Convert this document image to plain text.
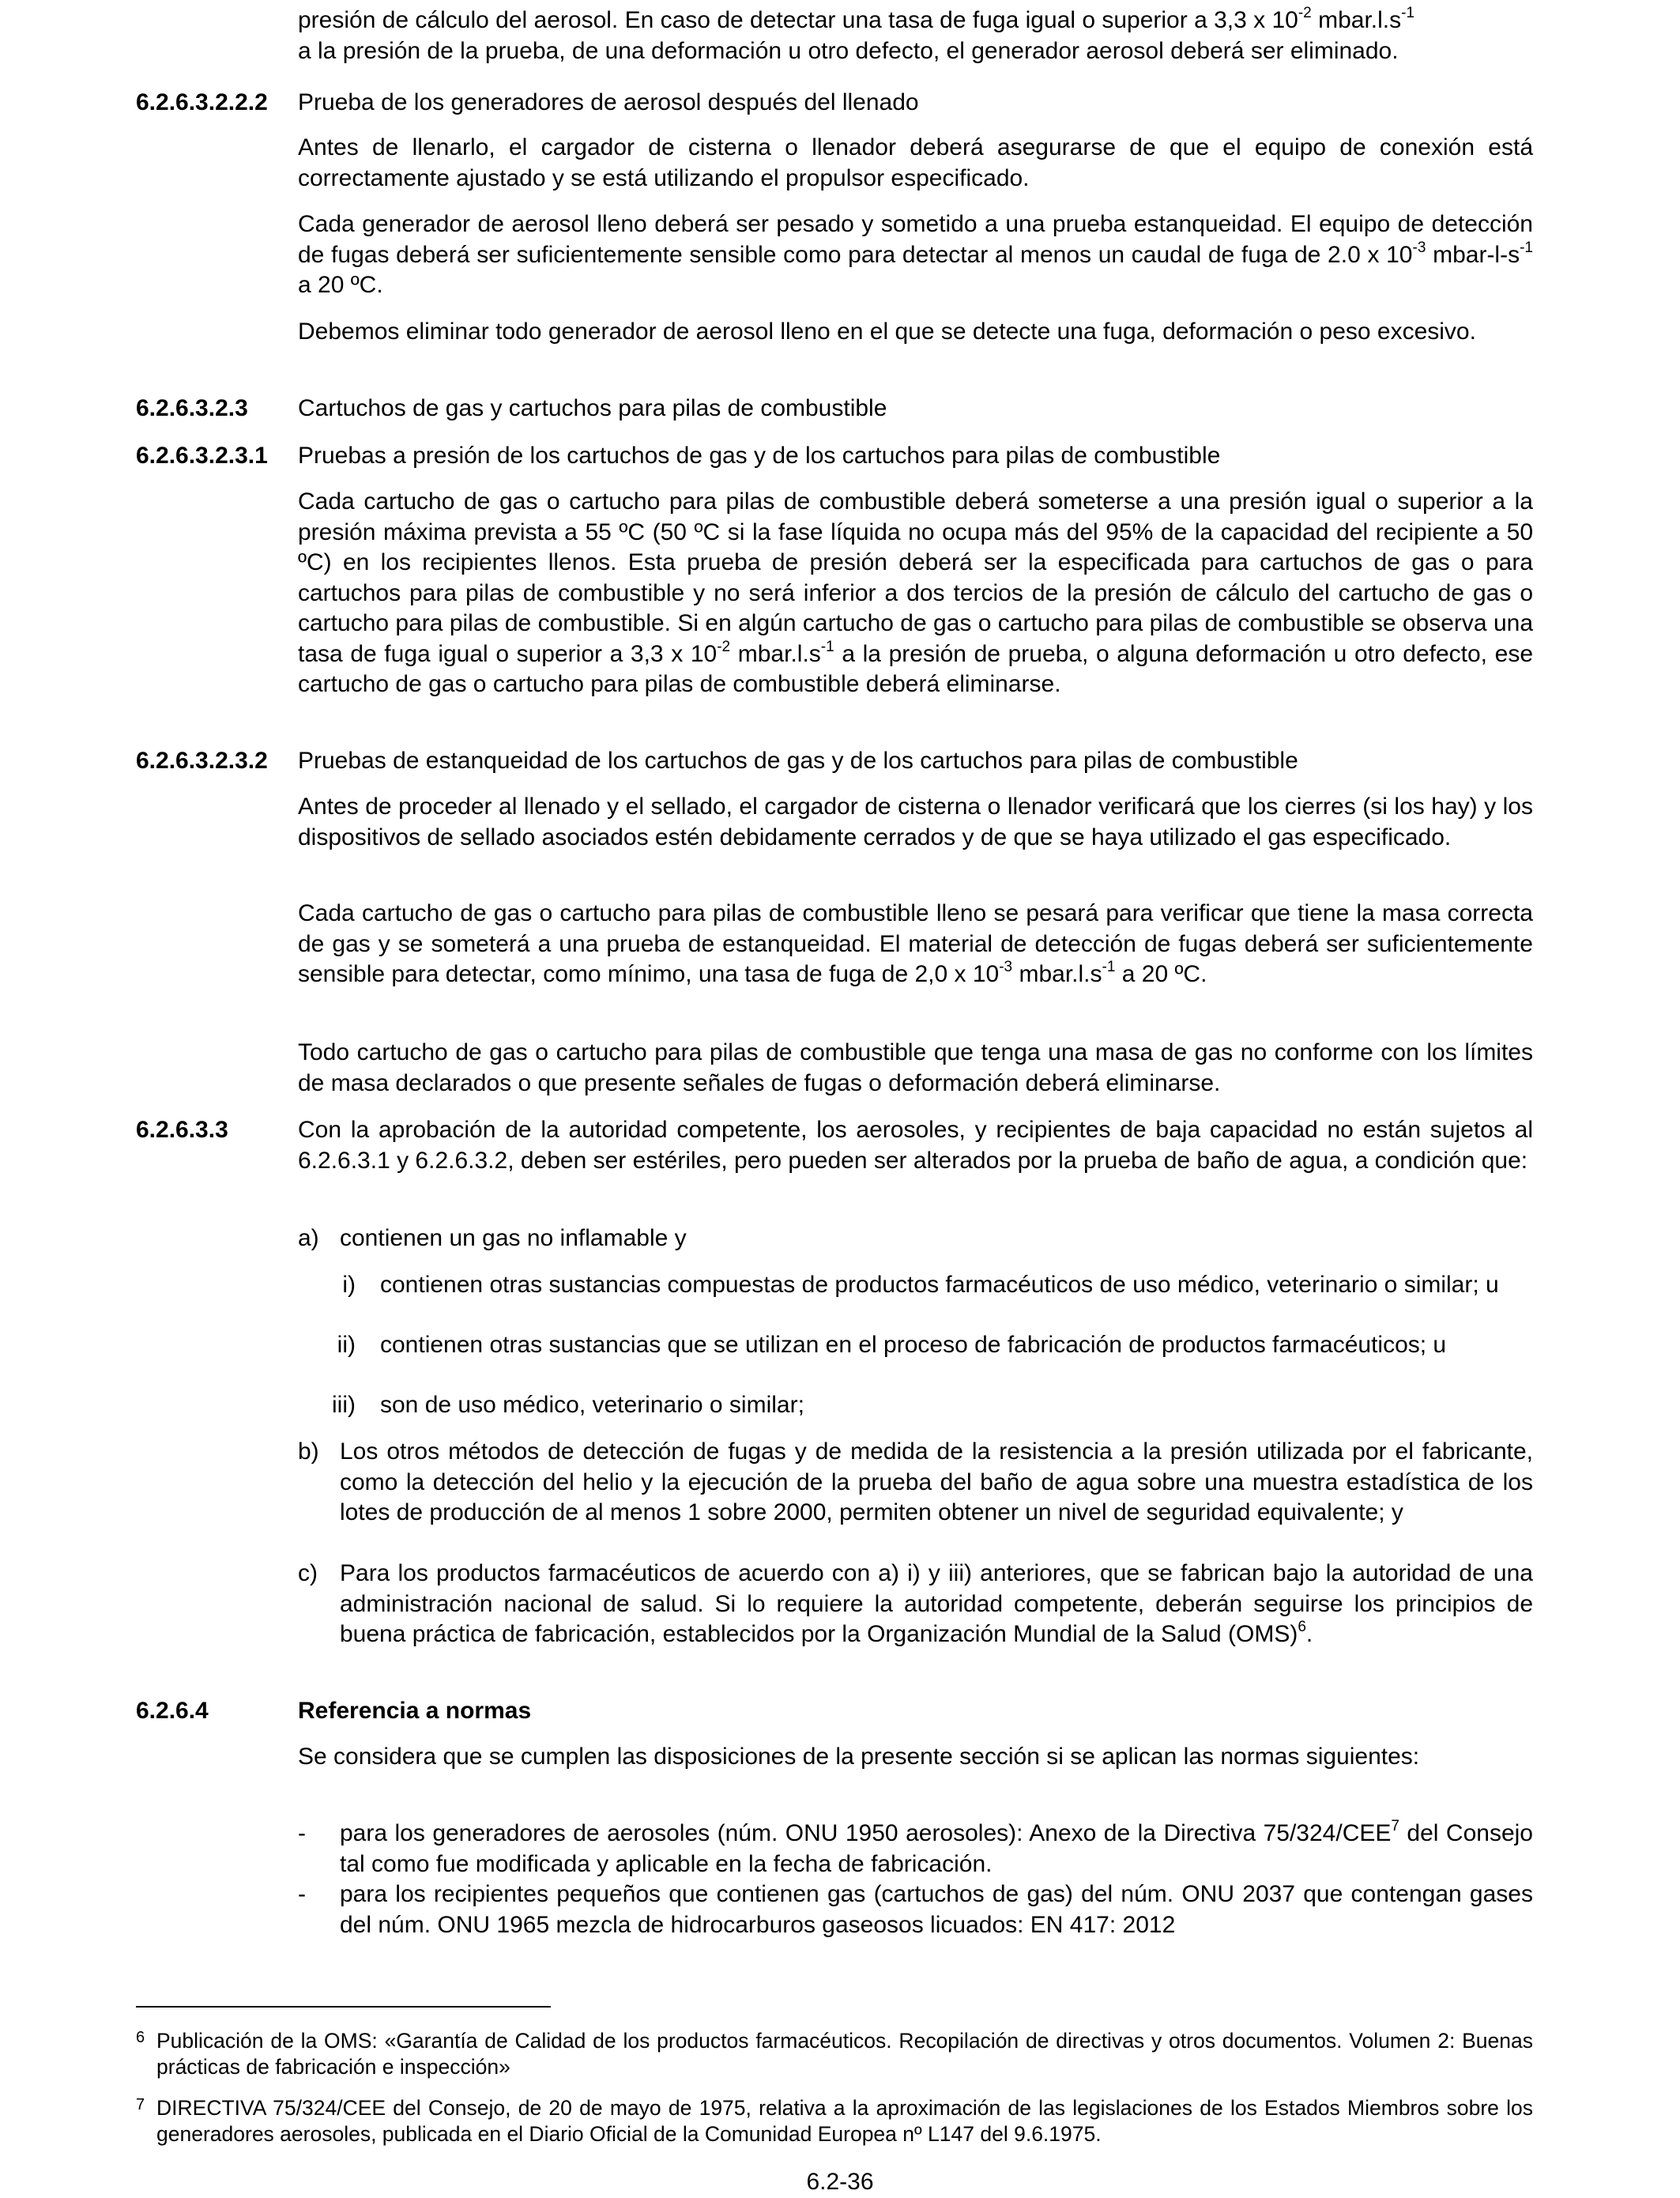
presión de cálculo del aerosol. En caso de detectar una tasa de fuga igual o superior a 3,3 x $10^{-2}$ $mbar.l.s^{-1}$

a la presión de la prueba, de una deformación u otro defecto, el generador aerosol deberá ser eliminado.

6.2.6.3.2.2.2	Prueba de los generadores de aerosol después del llenado
Antes de llenarlo, el cargador de cisterna o llenador deberá asegurarse de que el equipo de conexión está correctamente ajustado y se está utilizando el propulsor especificado.
Cada generador de aerosol lleno deberá ser pesado y sometido a una prueba estanqueidad. El equipo de detección de fugas deberá ser suficientemente sensible como para detectar al menos un caudal de fuga de 2.0 x $10^{-3}$ mbar-$l-s^{-1}$ a 20 ºC.
Debemos eliminar todo generador de aerosol lleno en el que se detecte una fuga, deformación o peso excesivo.
6.2.6.3.2.3	Cartuchos de gas y cartuchos para pilas de combustible
6.2.6.3.2.3.1	Pruebas a presión de los cartuchos de gas y de los cartuchos para pilas de combustible
Cada cartucho de gas o cartucho para pilas de combustible deberá someterse a una presión igual o superior a la presión máxima prevista a 55 ºC (50 ºC si la fase líquida no ocupa más del 95% de la capacidad del recipiente a 50 ºC) en los recipientes llenos. Esta prueba de presión deberá ser la especificada para cartuchos de gas o para cartuchos para pilas de combustible y no será inferior a dos tercios de la presión de cálculo del cartucho de gas o cartucho para pilas de combustible. Si en algún cartucho de gas o cartucho para pilas de combustible se observa una tasa de fuga igual o superior a 3,3 x $10^{-2}$ $mbar.l.s^{-1}$ a la presión de prueba, o alguna deformación u otro defecto, ese cartucho de gas o cartucho para pilas de combustible deberá eliminarse.
6.2.6.3.2.3.2	Pruebas de estanqueidad de los cartuchos de gas y de los cartuchos para pilas de combustible
Antes de proceder al llenado y el sellado, el cargador de cisterna o llenador verificará que los cierres (si los hay) y los dispositivos de sellado asociados estén debidamente cerrados y de que se haya utilizado el gas especificado.
Cada cartucho de gas o cartucho para pilas de combustible lleno se pesará para verificar que tiene la masa correcta de gas y se someterá a una prueba de estanqueidad. El material de detección de fugas deberá ser suficientemente sensible para detectar, como mínimo, una tasa de fuga de 2,0 x $10^{-3}$ $mbar.l.s^{-1}$ a 20 ºC.
Todo cartucho de gas o cartucho para pilas de combustible que tenga una masa de gas no conforme con los límites de masa declarados o que presente señales de fugas o deformación deberá eliminarse.
6.2.6.3.3	Con la aprobación de la autoridad competente, los aerosoles, y recipientes de baja capacidad no están sujetos al 6.2.6.3.1 y 6.2.6.3.2, deben ser estériles, pero pueden ser alterados por la prueba de baño de agua, a condición que:
a) contienen un gas no inflamable y
i) contienen otras sustancias compuestas de productos farmacéuticos de uso médico, veterinario o similar; u
ii) contienen otras sustancias que se utilizan en el proceso de fabricación de productos farmacéuticos; u
iii) son de uso médico, veterinario o similar;
b) Los otros métodos de detección de fugas y de medida de la resistencia a la presión utilizada por el fabricante, como la detección del helio y la ejecución de la prueba del baño de agua sobre una muestra estadística de los lotes de producción de al menos 1 sobre 2000, permiten obtener un nivel de seguridad equivalente; y
c) Para los productos farmacéuticos de acuerdo con a) i) y iii) anteriores, que se fabrican bajo la autoridad de una administración nacional de salud. Si lo requiere la autoridad competente, deberán seguirse los principios de buena práctica de fabricación, establecidos por la Organización Mundial de la Salud (OMS)$^6$.
6.2.6.4	Referencia a normas
Se considera que se cumplen las disposiciones de la presente sección si se aplican las normas siguientes:
-	para los generadores de aerosoles (núm. ONU 1950 aerosoles): Anexo de la Directiva 75/324/CEE$^7$ del Consejo tal como fue modificada y aplicable en la fecha de fabricación.
-	para los recipientes pequeños que contienen gas (cartuchos de gas) del núm. ONU 2037 que contengan gases del núm. ONU 1965 mezcla de hidrocarburos gaseosos licuados: EN 417: 2012
6 Publicación de la OMS: «Garantía de Calidad de los productos farmacéuticos. Recopilación de directivas y otros documentos. Volumen 2: Buenas prácticas de fabricación e inspección»
7 DIRECTIVA 75/324/CEE del Consejo, de 20 de mayo de 1975, relativa a la aproximación de las legislaciones de los Estados Miembros sobre los generadores aerosoles, publicada en el Diario Oficial de la Comunidad Europea nº L147 del 9.6.1975.
6.2-36
